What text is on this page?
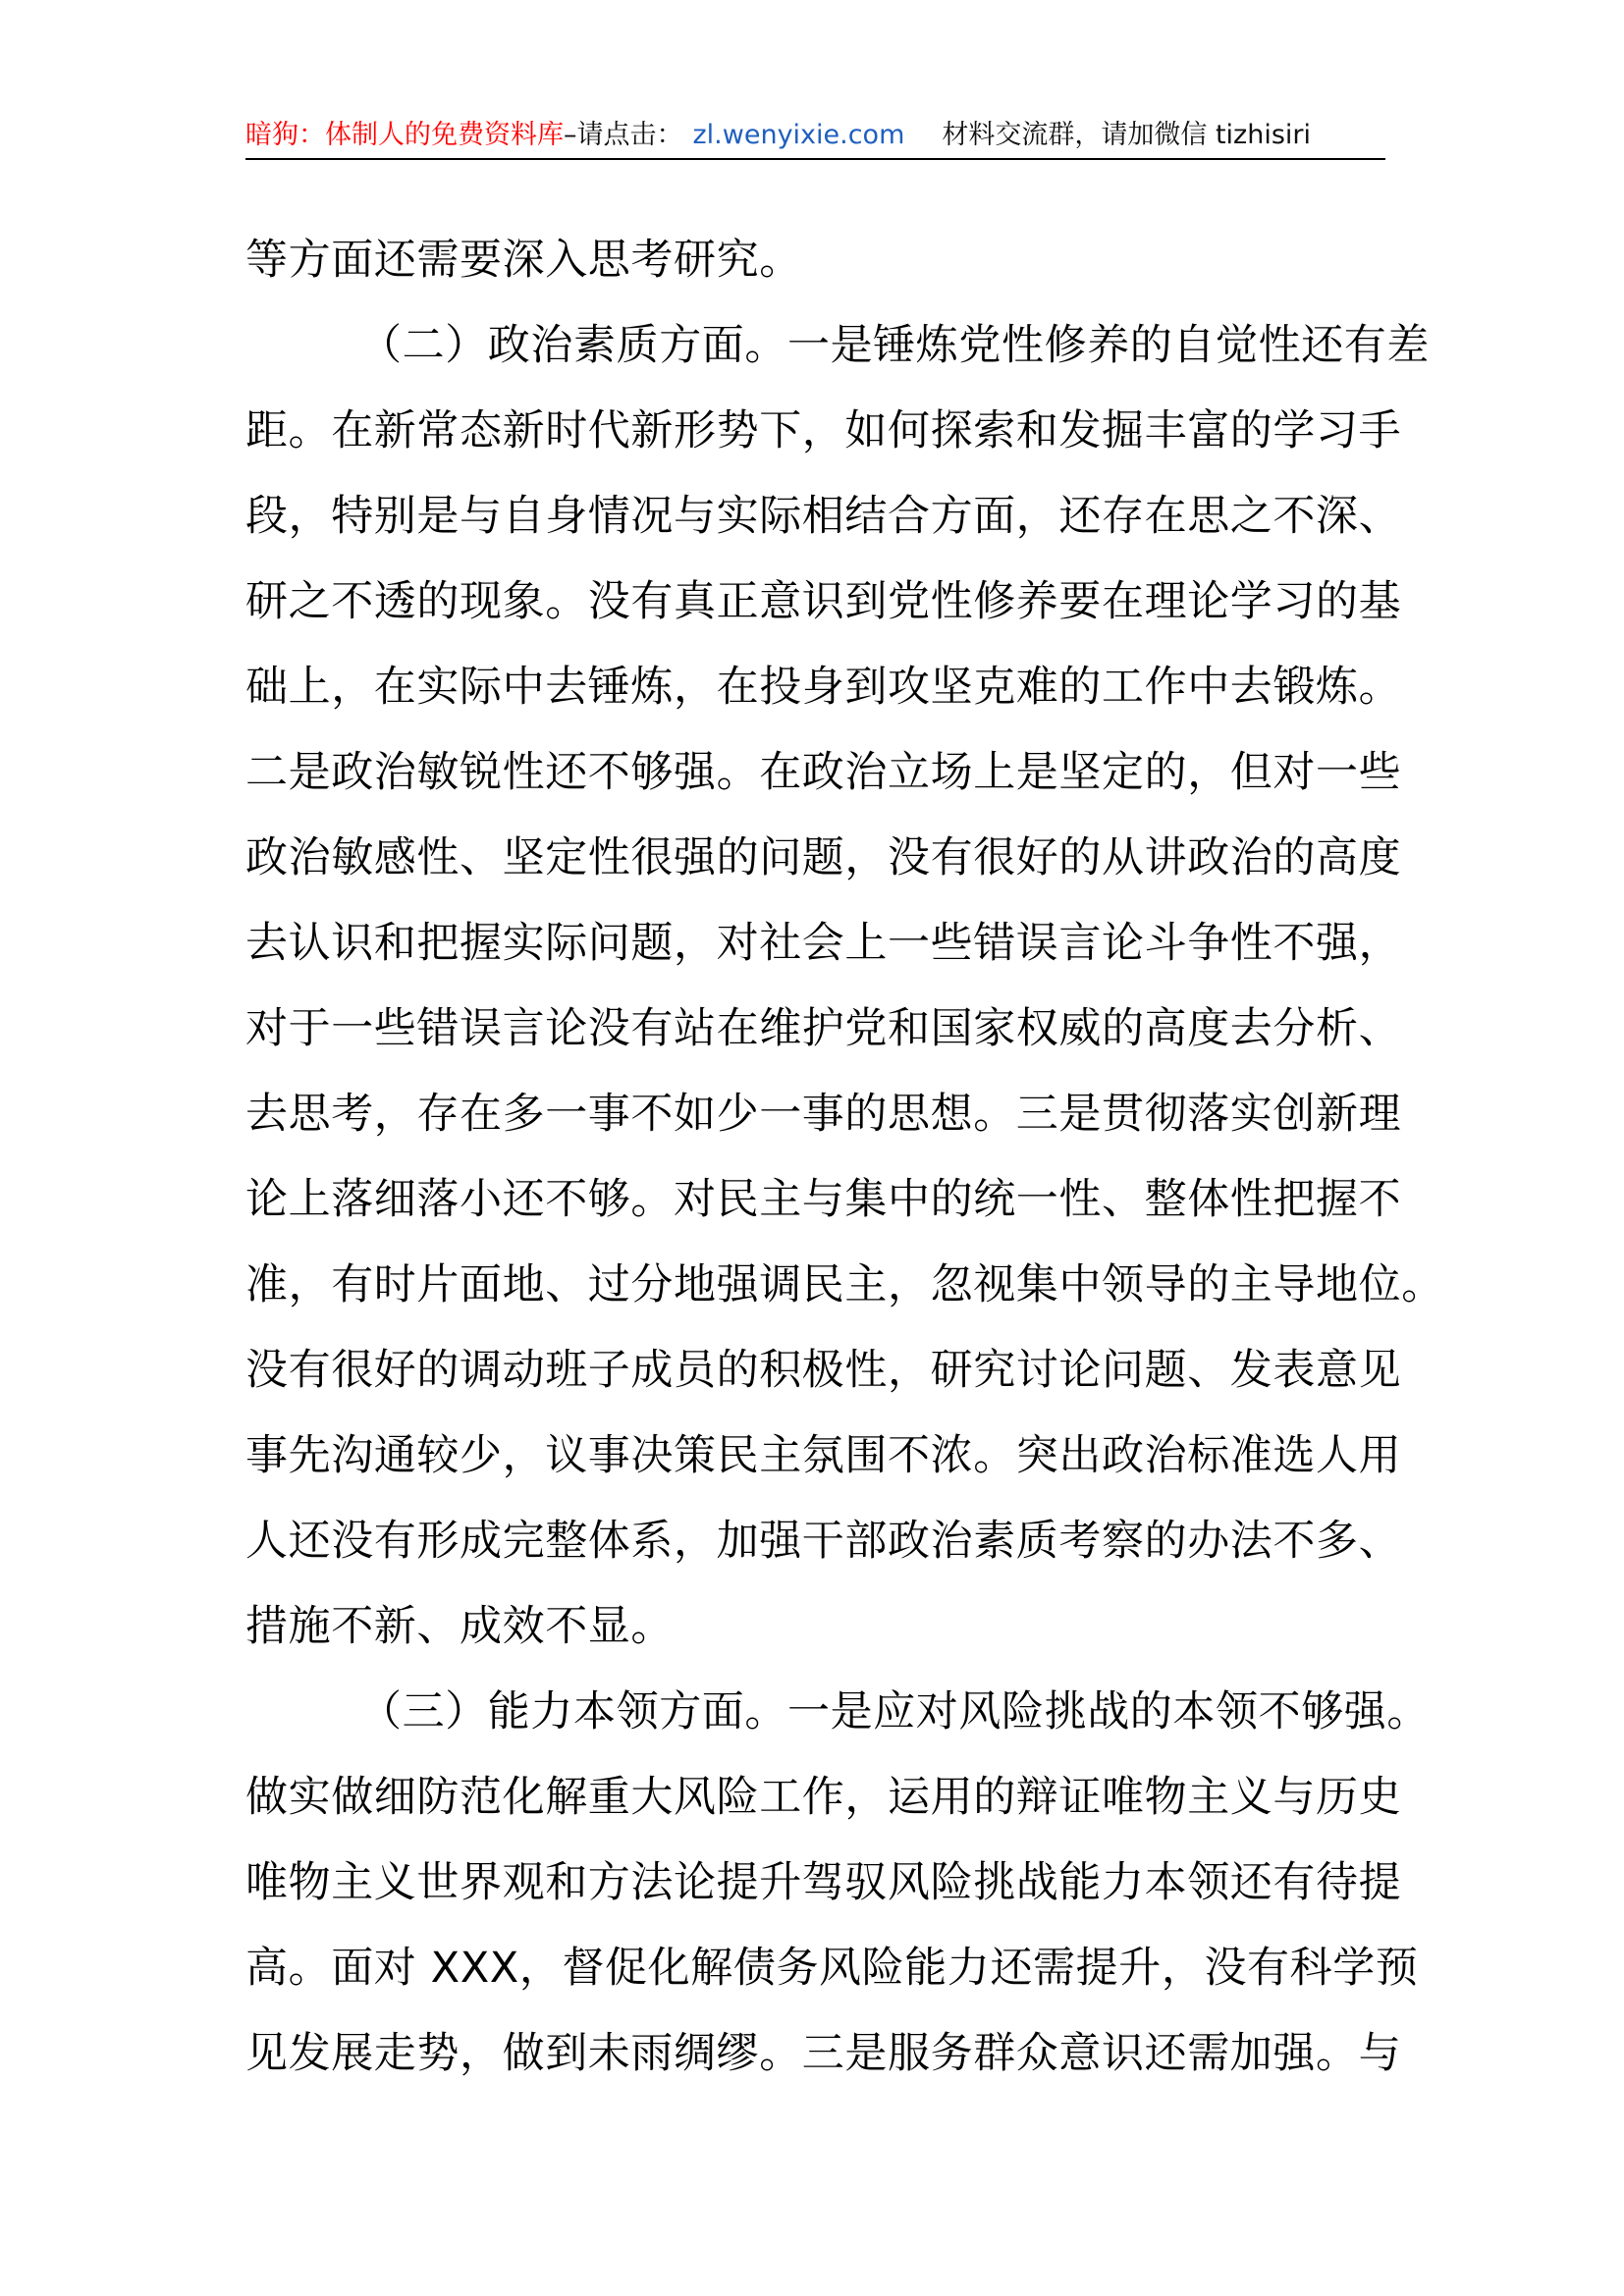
暗狗：体制人的免费资料库 –请点击： zl.wenyixie.com 材料交流群，请加微信 tizhisiri
等方面还需要深入思考研究。
（二）政治素质方面。一是锤炼党性修养的自觉性还有差
距。在新常态新时代新形势下，如何探索和发掘丰富的学习手
段，特别是与自身情况与实际相结合方面，还存在思之不深、
研之不透的现象。没有真正意识到党性修养要在理论学习的基
础上，在实际中去锤炼，在投身到攻坚克难的工作中去锻炼。
二是政治敏锐性还不够强。在政治立场上是坚定的，但对一些
政治敏感性、坚定性很强的问题，没有很好的从讲政治的高度
去认识和把握实际问题，对社会上一些错误言论斗争性不强，
对于一些错误言论没有站在维护党和国家权威的高度去分析、
去思考，存在多一事不如少一事的思想。三是贯彻落实创新理
论上落细落小还不够。对民主与集中的统一性、整体性把握不
准，有时片面地、过分地强调民主，忽视集中领导的主导地位。
没有很好的调动班子成员的积极性，研究讨论问题、发表意见
事先沟通较少，议事决策民主氛围不浓。突出政治标准选人用
人还没有形成完整体系，加强干部政治素质考察的办法不多、
措施不新、成效不显。
（三）能力本领方面。一是应对风险挑战的本领不够强。
做实做细防范化解重大风险工作，运用的辩证唯物主义与历史
唯物主义世界观和方法论提升驾驭风险挑战能力本领还有待提
高。面对 XXX，督促化解债务风险能力还需提升，没有科学预
见发展走势，做到未雨绸缪。三是服务群众意识还需加强。与
